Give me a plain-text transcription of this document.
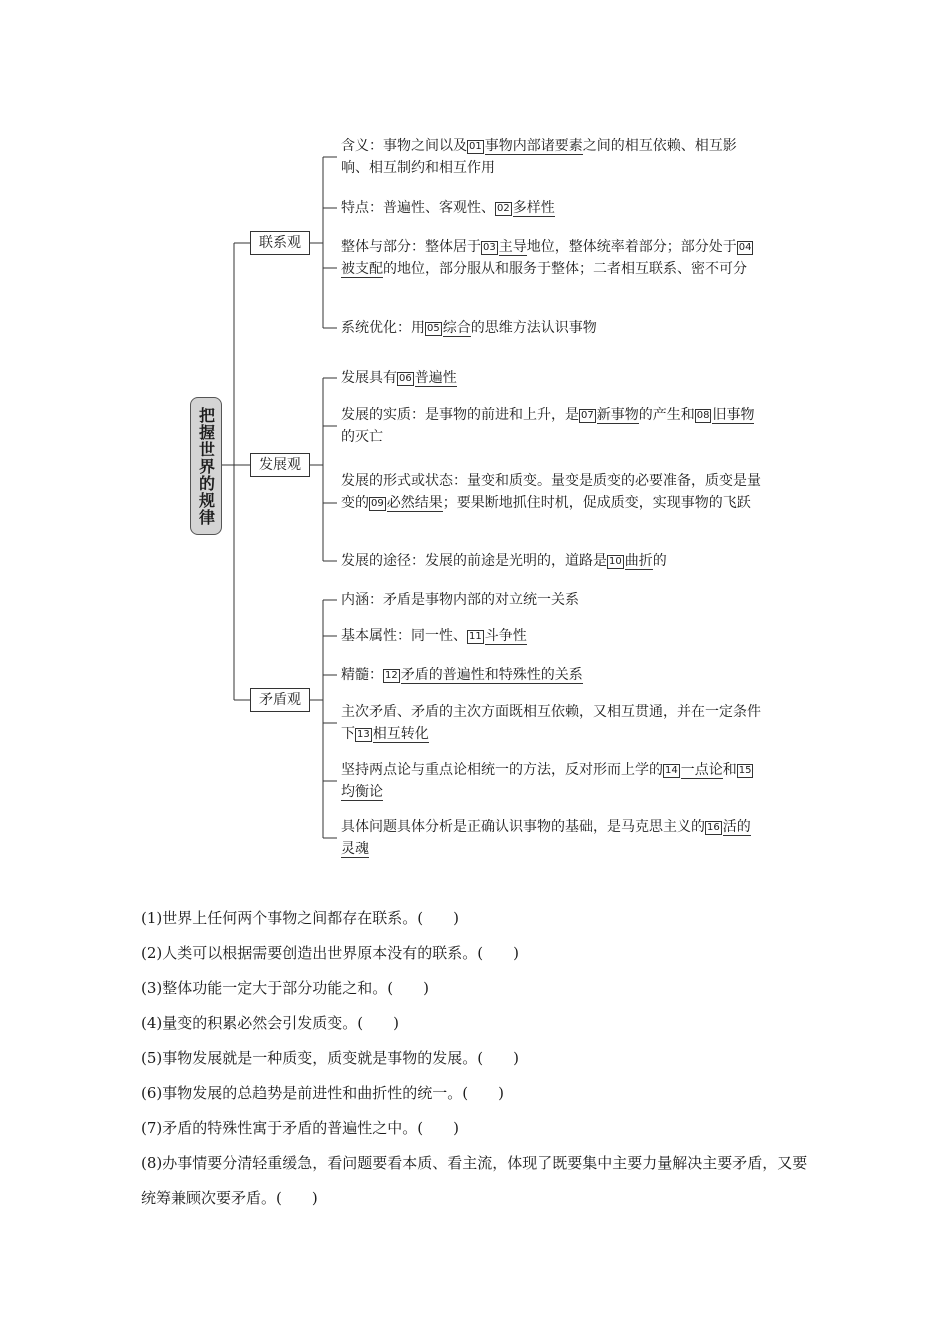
把握世界的规律
联系观
发展观
矛盾观
含义：事物之间以及 01 事物内部诸要素之间的相互依赖、相互影响、相互制约和相互作用
特点：普遍性、客观性、 02 多样性
整体与部分：整体居于 03 主导地位，整体统率着部分；部分处于 04被支配的地位，部分服从和服务于整体；二者相互联系、密不可分
系统优化：用 05 综合的思维方法认识事物
发展具有 06 普遍性
发展的实质：是事物的前进和上升，是 07 新事物的产生和 08 旧事物的灭亡
发展的形式或状态：量变和质变。量变是质变的必要准备，质变是量变的 09 必然结果；要果断地抓住时机，促成质变，实现事物的飞跃
发展的途径：发展的前途是光明的，道路是 10 曲折的
内涵：矛盾是事物内部的对立统一关系
基本属性：同一性、 11 斗争性
精髓： 12 矛盾的普遍性和特殊性的关系
主次矛盾、矛盾的主次方面既相互依赖，又相互贯通，并在一定条件下 13 相互转化
坚持两点论与重点论相统一的方法，反对形而上学的 14 一点论和 15均衡论
具体问题具体分析是正确认识事物的基础，是马克思主义的 16 活的灵魂
(1)世界上任何两个事物之间都存在联系。(　　)
(2)人类可以根据需要创造出世界原本没有的联系。(　　)
(3)整体功能一定大于部分功能之和。(　　)
(4)量变的积累必然会引发质变。(　　)
(5)事物发展就是一种质变，质变就是事物的发展。(　　)
(6)事物发展的总趋势是前进性和曲折性的统一。(　　)
(7)矛盾的特殊性寓于矛盾的普遍性之中。(　　)
(8)办事情要分清轻重缓急，看问题要看本质、看主流，体现了既要集中主要力量解决主要矛盾，又要统筹兼顾次要矛盾。(　　)
